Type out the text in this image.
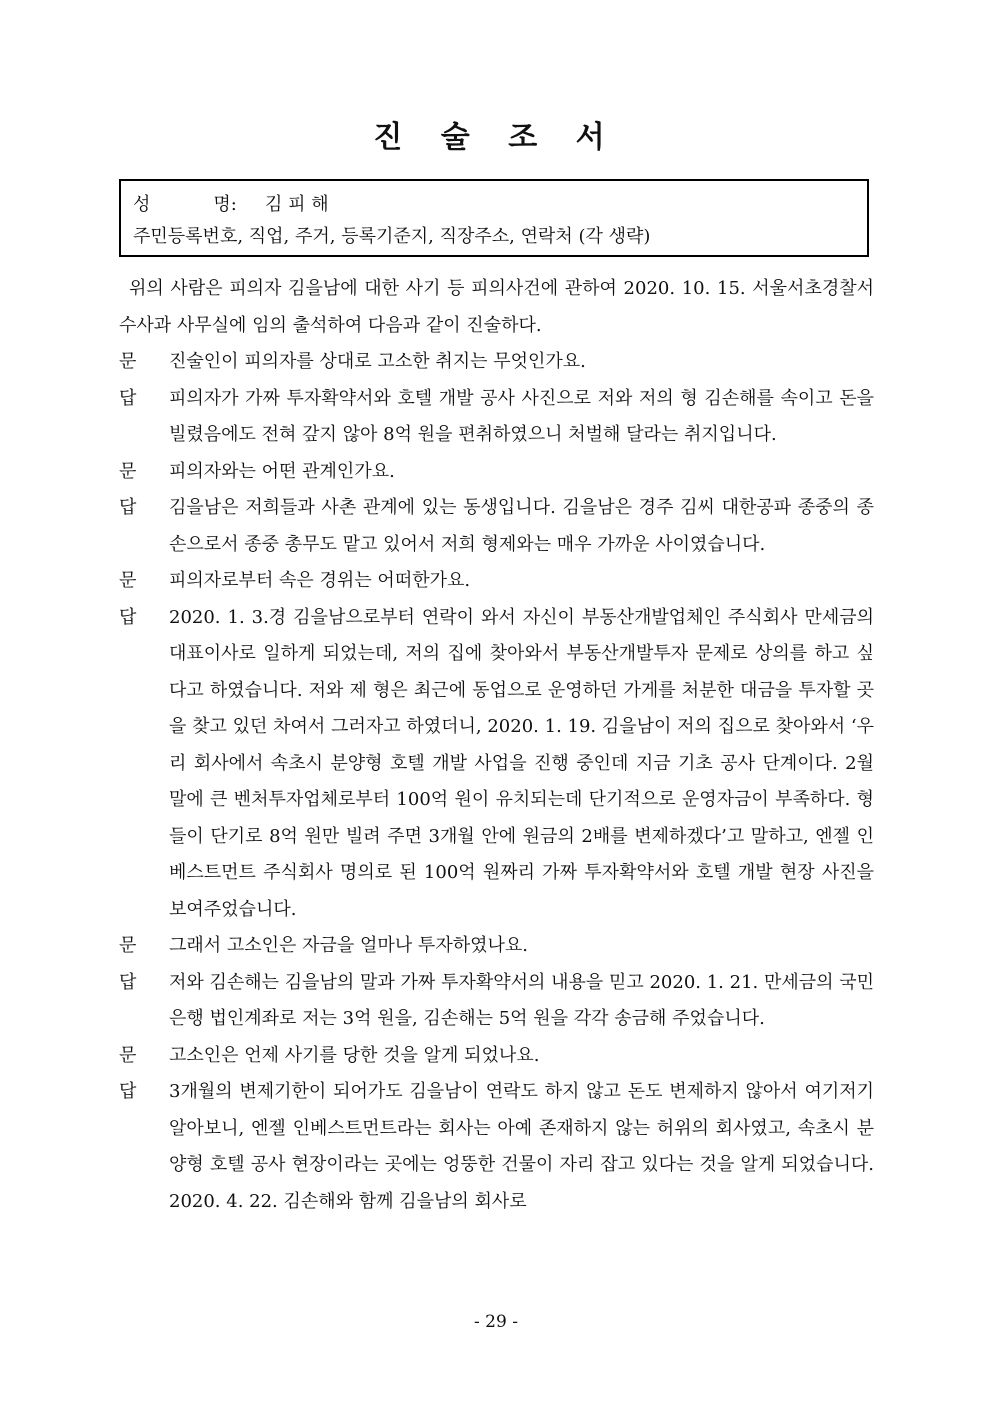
진 술 조 서
성           명: 김 피 해
주민등록번호, 직업, 주거, 등록기준지, 직장주소, 연락처 (각 생략)

위의 사람은 피의자 김을남에 대한 사기 등 피의사건에 관하여 2020. 10. 15. 서울서초경찰서 수사과 사무실에 임의 출석하여 다음과 같이 진술하다.

문	진술인이 피의자를 상대로 고소한 취지는 무엇인가요.
답	피의자가 가짜 투자확약서와 호텔 개발 공사 사진으로 저와 저의 형 김손해를 속이고 돈을 빌렸음에도 전혀 갚지 않아 8억 원을 편취하였으니 처벌해 달라는 취지입니다.
문	피의자와는 어떤 관계인가요.
답	김을남은 저희들과 사촌 관계에 있는 동생입니다. 김을남은 경주 김씨 대한공파 종중의 종손으로서 종중 총무도 맡고 있어서 저희 형제와는 매우 가까운 사이였습니다.
문	피의자로부터 속은 경위는 어떠한가요.
답	2020. 1. 3.경 김을남으로부터 연락이 와서 자신이 부동산개발업체인 주식회사 만세금의 대표이사로 일하게 되었는데, 저의 집에 찾아와서 부동산개발투자 문제로 상의를 하고 싶다고 하였습니다. 저와 제 형은 최근에 동업으로 운영하던 가게를 처분한 대금을 투자할 곳을 찾고 있던 차여서 그러자고 하였더니, 2020. 1. 19. 김을남이 저의 집으로 찾아와서 ‘우리 회사에서 속초시 분양형 호텔 개발 사업을 진행 중인데 지금 기초 공사 단계이다. 2월 말에 큰 벤처투자업체로부터 100억 원이 유치되는데 단기적으로 운영자금이 부족하다. 형들이 단기로 8억 원만 빌려 주면 3개월 안에 원금의 2배를 변제하겠다’고 말하고, 엔젤 인베스트먼트 주식회사 명의로 된 100억 원짜리 가짜 투자확약서와 호텔 개발 현장 사진을 보여주었습니다.
문	그래서 고소인은 자금을 얼마나 투자하였나요.
답	저와 김손해는 김을남의 말과 가짜 투자확약서의 내용을 믿고 2020. 1. 21. 만세금의 국민은행 법인계좌로 저는 3억 원을, 김손해는 5억 원을 각각 송금해 주었습니다.
문	고소인은 언제 사기를 당한 것을 알게 되었나요.
답	3개월의 변제기한이 되어가도 김을남이 연락도 하지 않고 돈도 변제하지 않아서 여기저기 알아보니, 엔젤 인베스트먼트라는 회사는 아예 존재하지 않는 허위의 회사였고, 속초시 분양형 호텔 공사 현장이라는 곳에는 엉뚱한 건물이 자리 잡고 있다는 것을 알게 되었습니다. 2020. 4. 22. 김손해와 함께 김을남의 회사로
- 29 -
